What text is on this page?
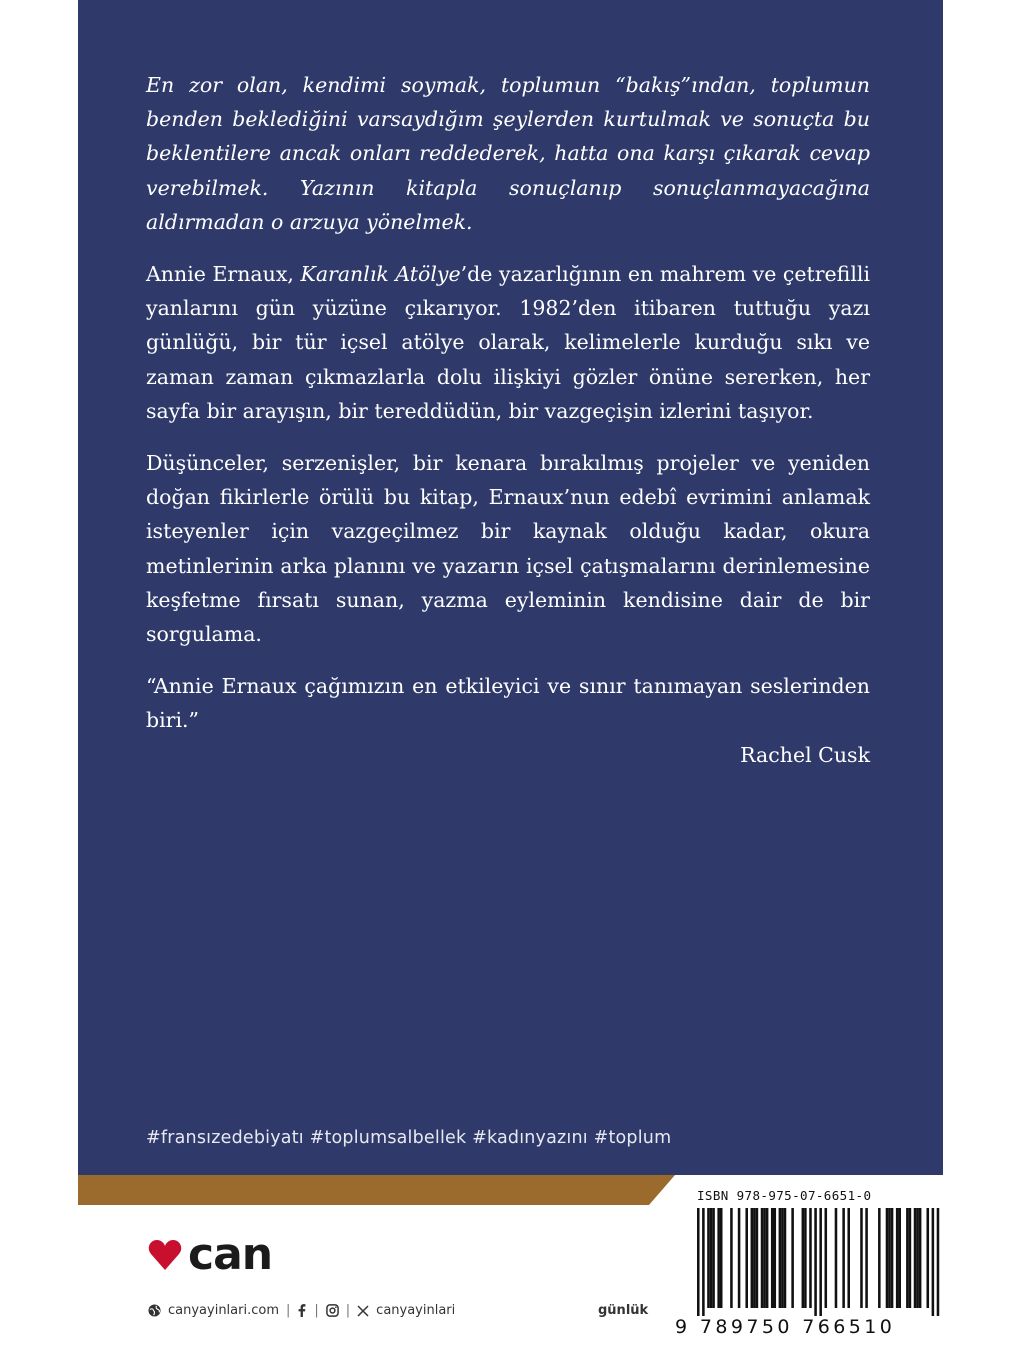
En zor olan, kendimi soymak, toplumun “bakış”ından, toplumun benden beklediğini varsaydığım şeylerden kurtulmak ve sonuçta bu beklentilere ancak onları reddederek, hatta ona karşı çıkarak cevap verebilmek. Yazının kitapla sonuçlanıp sonuçlanmayacağına aldırmadan o arzuya yönelmek.

Annie Ernaux, Karanlık Atölye’de yazarlığının en mahrem ve çetrefilli yanlarını gün yüzüne çıkarıyor. 1982’den itibaren tuttuğu yazı günlüğü, bir tür içsel atölye olarak, kelimelerle kurduğu sıkı ve zaman zaman çıkmazlarla dolu ilişkiyi gözler önüne sererken, her sayfa bir arayışın, bir tereddüdün, bir vazgeçişin izlerini taşıyor.

Düşünceler, serzenişler, bir kenara bırakılmış projeler ve yeniden doğan fikirlerle örülü bu kitap, Ernaux’nun edebî evrimini anlamak isteyenler için vazgeçilmez bir kaynak olduğu kadar, okura metinlerinin arka planını ve yazarın içsel çatışmalarını derinlemesine keşfetme fırsatı sunan, yazma eyleminin kendisine dair de bir sorgulama.

“Annie Ernaux çağımızın en etkileyici ve sınır tanımayan seslerinden biri.”

Rachel Cusk

#fransızedebiyatı #toplumsalbellek #kadınyazını #toplum
can
canyayinlari.com | | | canyayinlari	günlük
ISBN 978-975-07-6651-0
9 789750 766510
